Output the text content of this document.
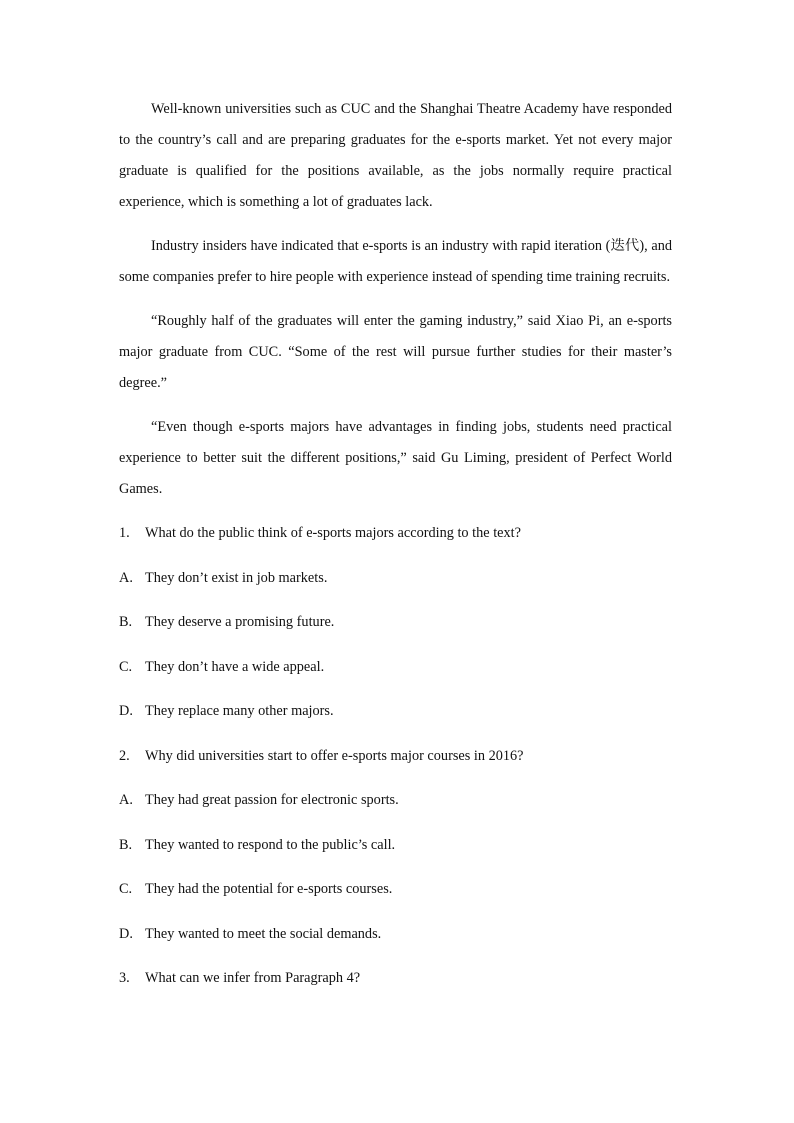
Well-known universities such as CUC and the Shanghai Theatre Academy have responded to the country’s call and are preparing graduates for the e-sports market. Yet not every major graduate is qualified for the positions available, as the jobs normally require practical experience, which is something a lot of graduates lack.

Industry insiders have indicated that e-sports is an industry with rapid iteration (迭代), and some companies prefer to hire people with experience instead of spending time training recruits.

“Roughly half of the graduates will enter the gaming industry,” said Xiao Pi, an e-sports major graduate from CUC. “Some of the rest will pursue further studies for their master’s degree.”

“Even though e-sports majors have advantages in finding jobs, students need practical experience to better suit the different positions,” said Gu Liming, president of Perfect World Games.

1. What do the public think of e-sports majors according to the text?
A. They don’t exist in job markets.
B. They deserve a promising future.
C. They don’t have a wide appeal.
D. They replace many other majors.
2. Why did universities start to offer e-sports major courses in 2016?
A. They had great passion for electronic sports.
B. They wanted to respond to the public’s call.
C. They had the potential for e-sports courses.
D. They wanted to meet the social demands.
3. What can we infer from Paragraph 4?
